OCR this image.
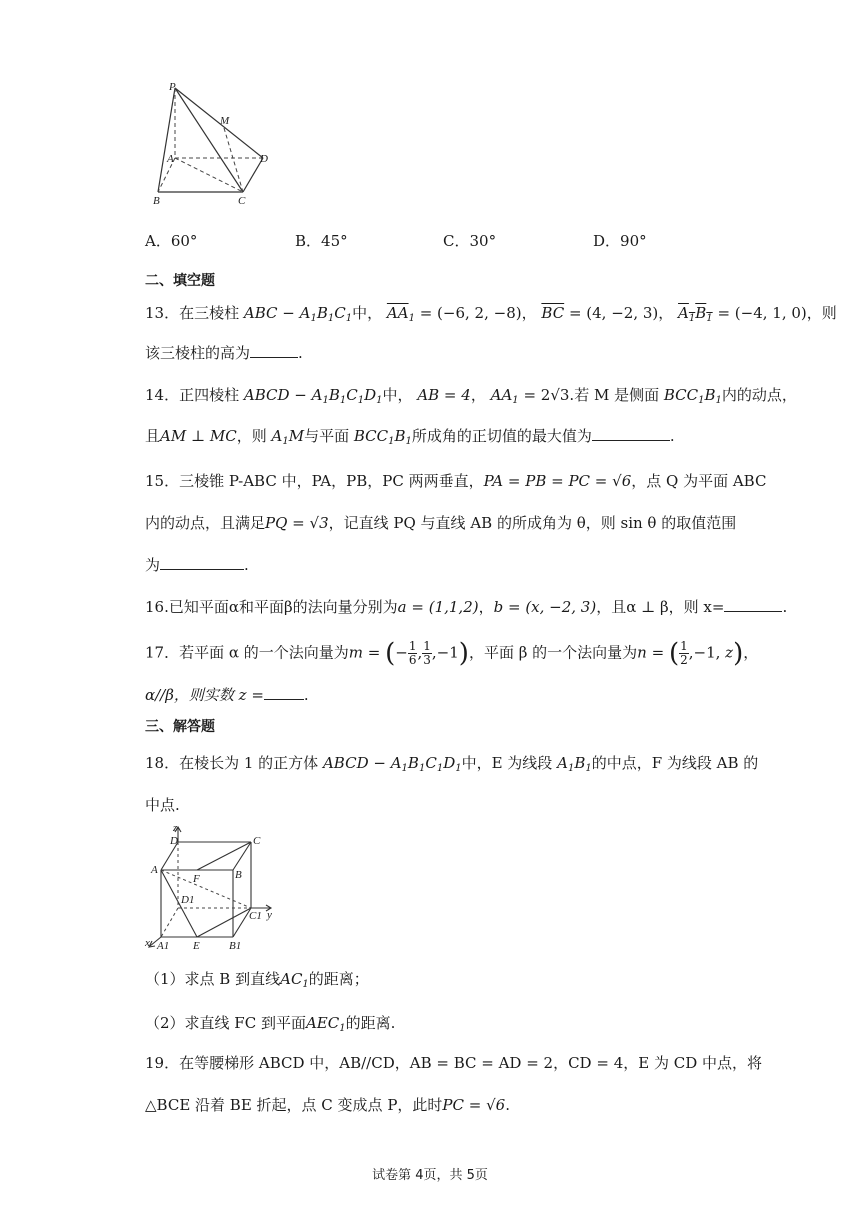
P
M
A	D
B	C
A．60°	B．45°	C．30°	D．90°
二、填空题
13．在三棱柱 ABC − $A_1B_1C_1$中， $\overline{AA}_1 = (-6$, 2, −8)， $\overline{BC} = (4$, −2, 3)， $A_1B_1 = (-4$, 1, 0)，则
该三棱柱的高为	.
14．正四棱柱 ABCD − $A_1B_1C_1D_1$中， AB = 4， $AA_1 = 2√3$.若 M 是侧面 $BCC_1B_1$内的动点，
且AM ⊥ MC，则 $A_1M$与平面 $BCC_1B_1$所成角的正切值的最大值为	.
15．三棱锥 P-ABC 中，PA，PB，PC 两两垂直，PA = PB = PC = √6，点 Q 为平面 ABC
内的动点，且满足PQ = √3，记直线 PQ 与直线 AB 的所成角为 θ，则 sin θ 的取值范围
为	.
16.已知平面α和平面β的法向量分别为a = (1,1,2)，b = (x, −2, 3)，且α ⊥ β，则 x=	.
17．若平面 α 的一个法向量为m = (− $\frac{1}{6}$ , $\frac{1}{3} ,-1$)，平面 β 的一个法向量为n = ( $\frac{1}{2} ,-1$, z)，
α//β，则实数 z =	.
三、解答题
18．在棱长为 1 的正方体 ABCD − $A_1B_1C_1D_1$中，E 为线段 $A_1B_1$的中点，F 为线段 AB 的
中点.
z
D	C
A
F	B
D1
C1 y
x A1 E	B1
（1）求点 B 到直线$AC_1$的距离；
（2）求直线 FC 到平面$AEC_1$的距离.
19．在等腰梯形 ABCD 中，AB//CD，AB = BC = AD = 2，CD = 4，E 为 CD 中点，将
△BCE 沿着 BE 折起，点 C 变成点 P，此时PC = √6.
试卷第 4页，共 5页
